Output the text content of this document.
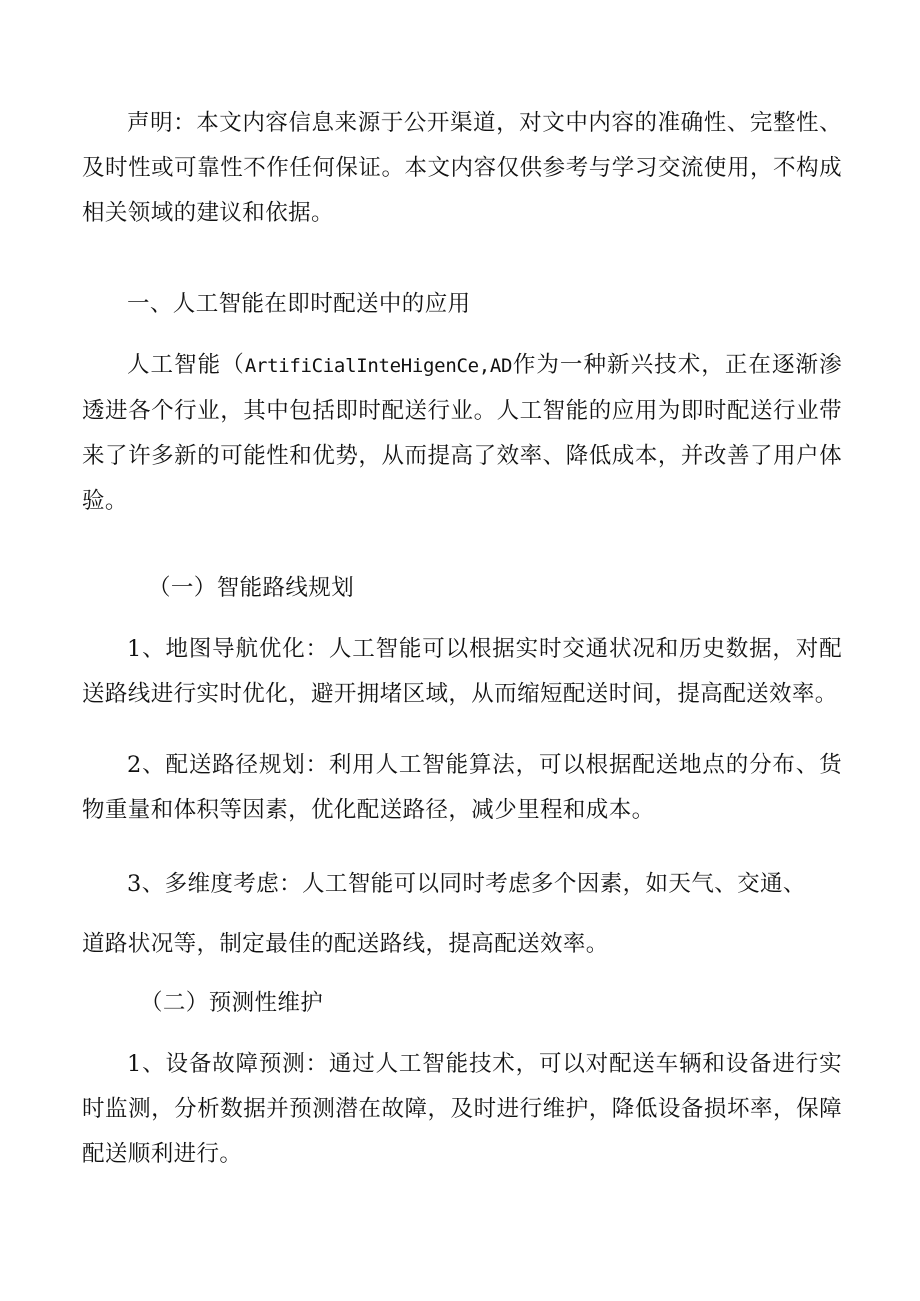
声明：本文内容信息来源于公开渠道，对文中内容的准确性、完整性、及时性或可靠性不作任何保证。本文内容仅供参考与学习交流使用，不构成相关领域的建议和依据。

一、人工智能在即时配送中的应用

人工智能（ArtifiCialInteHigenCe,AD作为一种新兴技术，正在逐渐渗透进各个行业，其中包括即时配送行业。人工智能的应用为即时配送行业带来了许多新的可能性和优势，从而提高了效率、降低成本，并改善了用户体验。

（一）智能路线规划

1、地图导航优化：人工智能可以根据实时交通状况和历史数据，对配送路线进行实时优化，避开拥堵区域，从而缩短配送时间，提高配送效率。

2、配送路径规划：利用人工智能算法，可以根据配送地点的分布、货物重量和体积等因素，优化配送路径，减少里程和成本。

3、多维度考虑：人工智能可以同时考虑多个因素，如天气、交通、

道路状况等，制定最佳的配送路线，提高配送效率。

（二）预测性维护

1、设备故障预测：通过人工智能技术，可以对配送车辆和设备进行实时监测，分析数据并预测潜在故障，及时进行维护，降低设备损坏率，保障配送顺利进行。
